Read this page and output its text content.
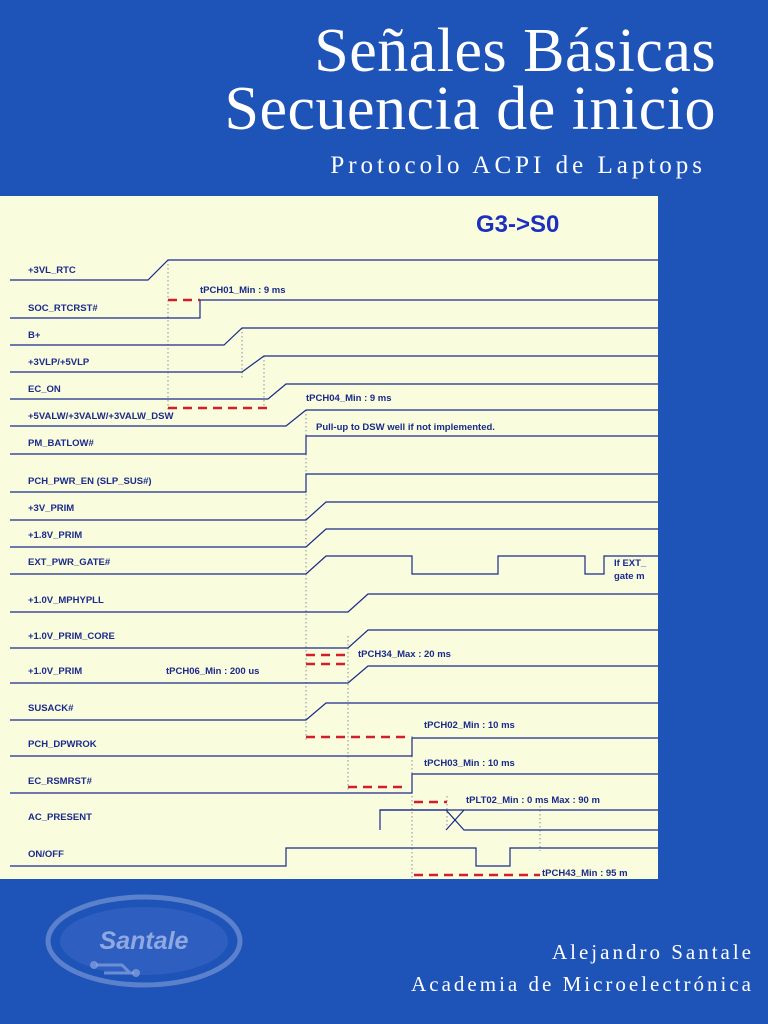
Señales Básicas
Secuencia de inicio
Protocolo ACPI de Laptops
G3->S0
+3VL_RTC
SOC_RTCRST#
B+
+3VLP/+5VLP
EC_ON
+5VALW/+3VALW/+3VALW_DSW
PM_BATLOW#
PCH_PWR_EN (SLP_SUS#)
+3V_PRIM
+1.8V_PRIM
EXT_PWR_GATE#
+1.0V_MPHYPLL
+1.0V_PRIM_CORE
+1.0V_PRIM
SUSACK#
PCH_DPWROK
EC_RSMRST#
AC_PRESENT
ON/OFF
tPCH01_Min : 9 ms
tPCH04_Min : 9 ms
Pull-up to DSW well if not implemented.
If EXT_
gate m
tPCH34_Max : 20 ms
tPCH06_Min : 200 us
tPCH02_Min : 10 ms
tPCH03_Min : 10 ms
tPLT02_Min : 0 ms Max : 90 m
tPCH43_Min : 95 m
Santale	Alejandro Santale
Academia de Microelectrónica
